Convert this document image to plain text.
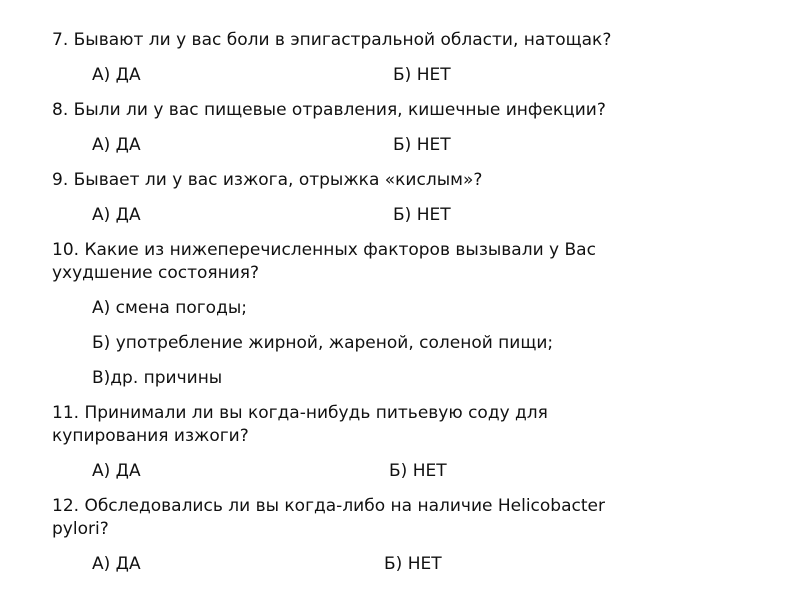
7. Бывают ли у вас боли в эпигастральной области, натощак?
А) ДА	Б) НЕТ
8. Были ли у вас пищевые отравления, кишечные инфекции?
А) ДА	Б) НЕТ
9. Бывает ли у вас изжога, отрыжка «кислым»?
А) ДА	Б) НЕТ
10. Какие из нижеперечисленных факторов вызывали у Вас
ухудшение состояния?
А) смена погоды;
Б) употребление жирной, жареной, соленой пищи;
В)др. причины
11. Принимали ли вы когда-нибудь питьевую соду для
купирования изжоги?
А) ДА	Б) НЕТ
12. Обследовались ли вы когда-либо на наличие Helicobacter
pylori?
А) ДА	Б) НЕТ
